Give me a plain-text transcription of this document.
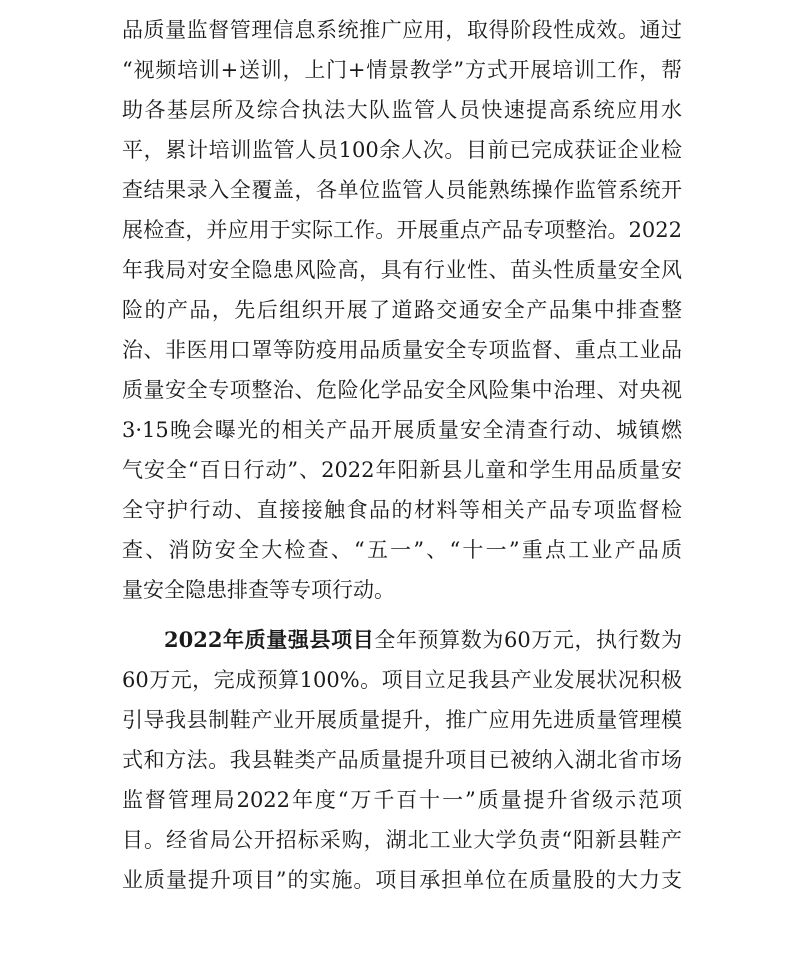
品质量监督管理信息系统推广应用，取得阶段性成效。通过
“视频培训+送训，上门+情景教学”方式开展培训工作，帮
助各基层所及综合执法大队监管人员快速提高系统应用水
平，累计培训监管人员100余人次。目前已完成获证企业检
查结果录入全覆盖，各单位监管人员能熟练操作监管系统开
展检查，并应用于实际工作。开展重点产品专项整治。2022
年我局对安全隐患风险高，具有行业性、苗头性质量安全风
险的产品，先后组织开展了道路交通安全产品集中排查整
治、非医用口罩等防疫用品质量安全专项监督、重点工业品
质量安全专项整治、危险化学品安全风险集中治理、对央视
3·15晚会曝光的相关产品开展质量安全清查行动、城镇燃
气安全“百日行动”、2022年阳新县儿童和学生用品质量安
全守护行动、直接接触食品的材料等相关产品专项监督检
查、消防安全大检查、“五一”、“十一”重点工业产品质
量安全隐患排查等专项行动。
2022年质量强县项目全年预算数为60万元，执行数为
60万元，完成预算100%。项目立足我县产业发展状况积极
引导我县制鞋产业开展质量提升，推广应用先进质量管理模
式和方法。我县鞋类产品质量提升项目已被纳入湖北省市场
监督管理局2022年度“万千百十一”质量提升省级示范项
目。经省局公开招标采购，湖北工业大学负责“阳新县鞋产
业质量提升项目”的实施。项目承担单位在质量股的大力支
